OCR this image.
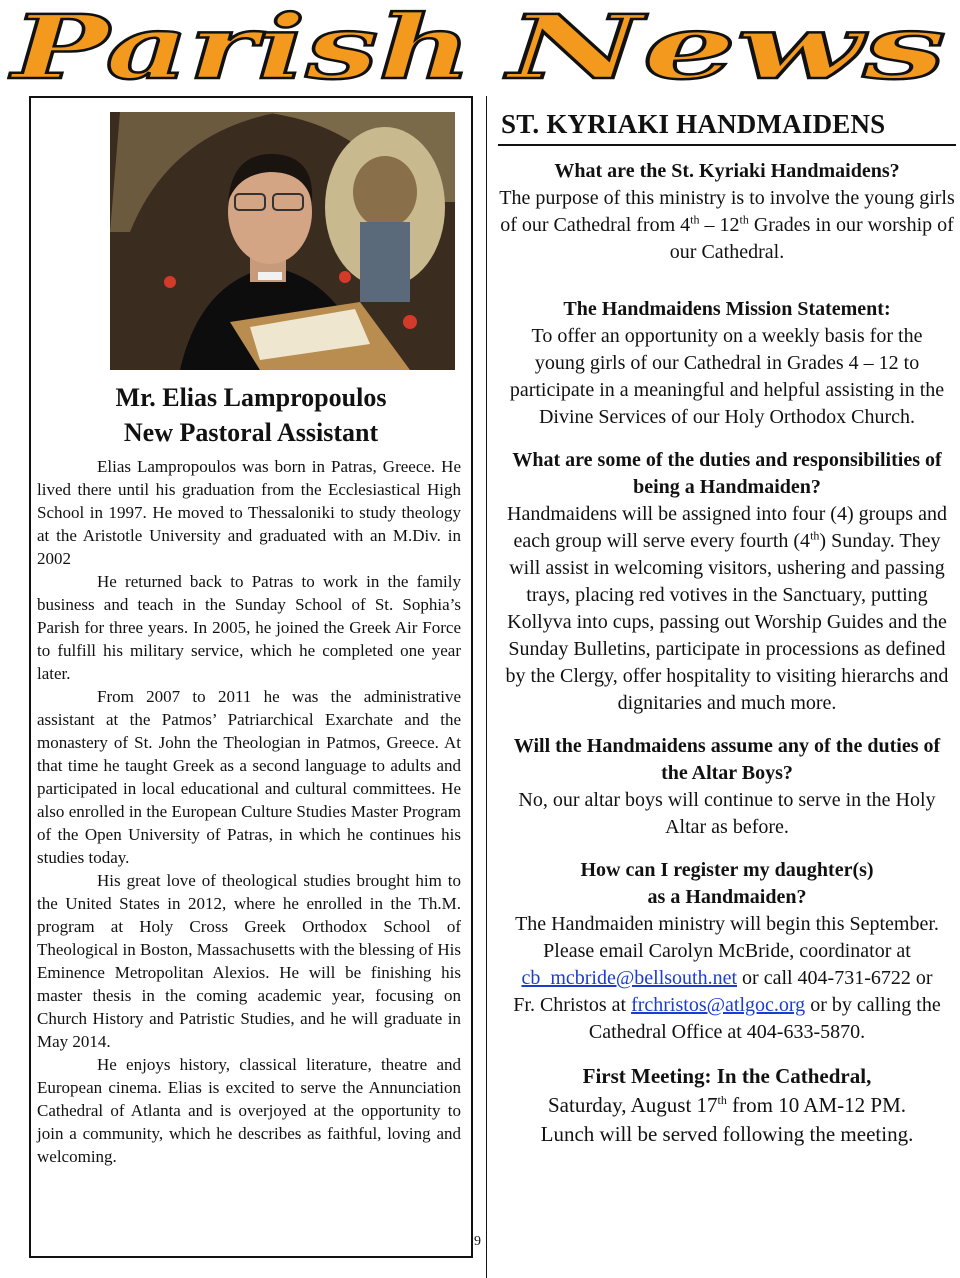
Parish News
Mr. Elias Lampropoulos
New Pastoral Assistant

Elias Lampropoulos was born in Patras, Greece. He lived there until his graduation from the Ecclesiastical High School in 1997. He moved to Thessaloniki to study theology at the Aristotle University and graduated with an M.Div. in 2002

He returned back to Patras to work in the family business and teach in the Sunday School of St. Sophia’s Parish for three years. In 2005, he joined the Greek Air Force to fulfill his military service, which he completed one year later.

From 2007 to 2011 he was the administrative assistant at the Patmos’ Patriarchical Exarchate and the monastery of St. John the Theologian in Patmos, Greece. At that time he taught Greek as a second language to adults and participated in local educational and cultural committees. He also enrolled in the European Culture Studies Master Program of the Open University of Patras, in which he continues his studies today.

His great love of theological studies brought him to the United States in 2012, where he enrolled in the Th.M. program at Holy Cross Greek Orthodox School of Theological in Boston, Massachusetts with the blessing of His Eminence Metropolitan Alexios. He will be finishing his master thesis in the coming academic year, focusing on Church History and Patristic Studies, and he will graduate in May 2014.

He enjoys history, classical literature, theatre and European cinema. Elias is excited to serve the Annunciation Cathedral of Atlanta and is overjoyed at the opportunity to join a community, which he describes as faithful, loving and welcoming.

ST. KYRIAKI HANDMAIDENS

What are the St. Kyriaki Handmaidens?

The purpose of this ministry is to involve the young girls of our Cathedral from 4th – 12th Grades in our worship of our Cathedral.

The Handmaidens Mission Statement:

To offer an opportunity on a weekly basis for the young girls of our Cathedral in Grades 4 – 12 to participate in a meaningful and helpful assisting in the Divine Services of our Holy Orthodox Church.

What are some of the duties and responsibilities of being a Handmaiden?

Handmaidens will be assigned into four (4) groups and each group will serve every fourth (4th) Sunday. They will assist in welcoming visitors, ushering and passing trays, placing red votives in the Sanctuary, putting Kollyva into cups, passing out Worship Guides and the Sunday Bulletins, participate in processions as defined by the Clergy, offer hospitality to visiting hierarchs and dignitaries and much more.

Will the Handmaidens assume any of the duties of the Altar Boys?

No, our altar boys will continue to serve in the Holy Altar as before.

How can I register my daughter(s)

as a Handmaiden?

The Handmaiden ministry will begin this September. Please email Carolyn McBride, coordinator at cb_mcbride@bellsouth.net or call 404-731-6722 or Fr. Christos at frchristos@atlgoc.org or by calling the Cathedral Office at 404-633-5870.

First Meeting: In the Cathedral,

Saturday, August 17th from 10 AM-12 PM.

Lunch will be served following the meeting.

9
